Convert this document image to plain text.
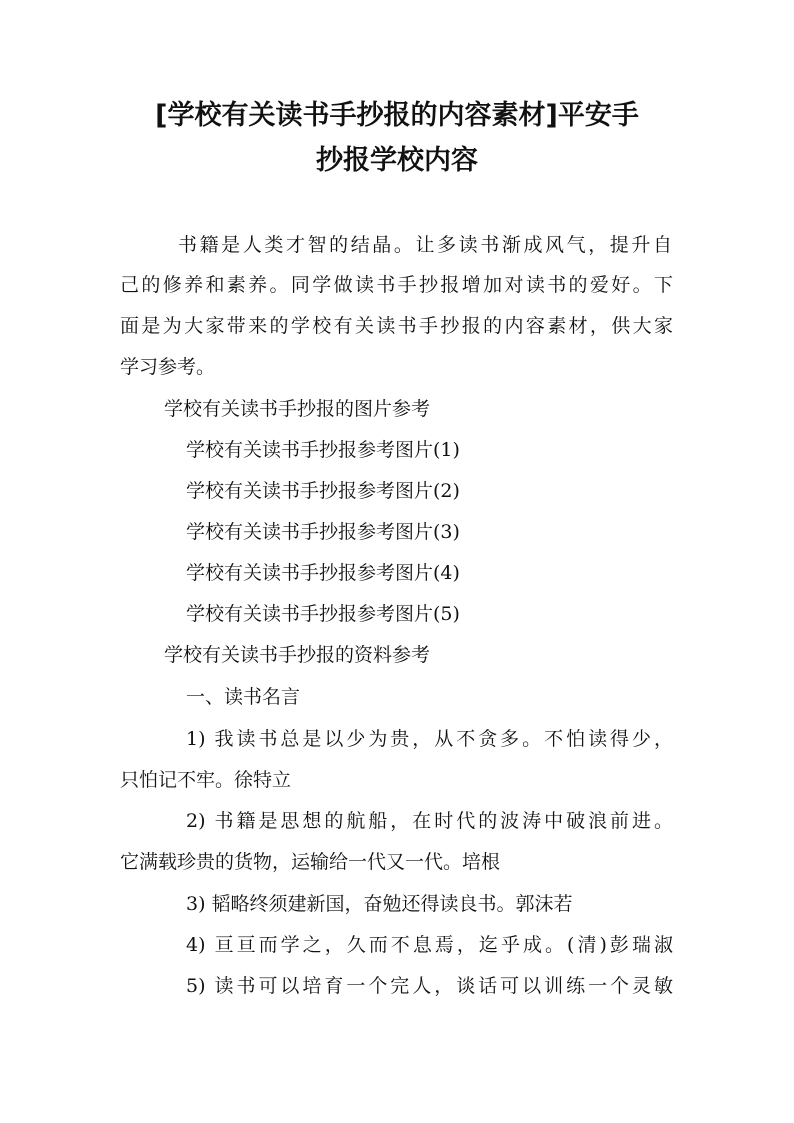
[学校有关读书手抄报的内容素材]平安手
抄报学校内容
书籍是人类才智的结晶。让多读书渐成风气，提升自
己的修养和素养。同学做读书手抄报增加对读书的爱好。下
面是为大家带来的学校有关读书手抄报的内容素材，供大家
学习参考。
学校有关读书手抄报的图片参考
学校有关读书手抄报参考图片(1)
学校有关读书手抄报参考图片(2)
学校有关读书手抄报参考图片(3)
学校有关读书手抄报参考图片(4)
学校有关读书手抄报参考图片(5)
学校有关读书手抄报的资料参考
一、读书名言
1) 我读书总是以少为贵，从不贪多。不怕读得少，
只怕记不牢。徐特立
2) 书籍是思想的航船，在时代的波涛中破浪前进。
它满载珍贵的货物，运输给一代又一代。培根
3) 韬略终须建新国，奋勉还得读良书。郭沫若
4) 亘亘而学之，久而不息焉，迄乎成。(清)彭瑞淑
5) 读书可以培育一个完人，谈话可以训练一个灵敏
